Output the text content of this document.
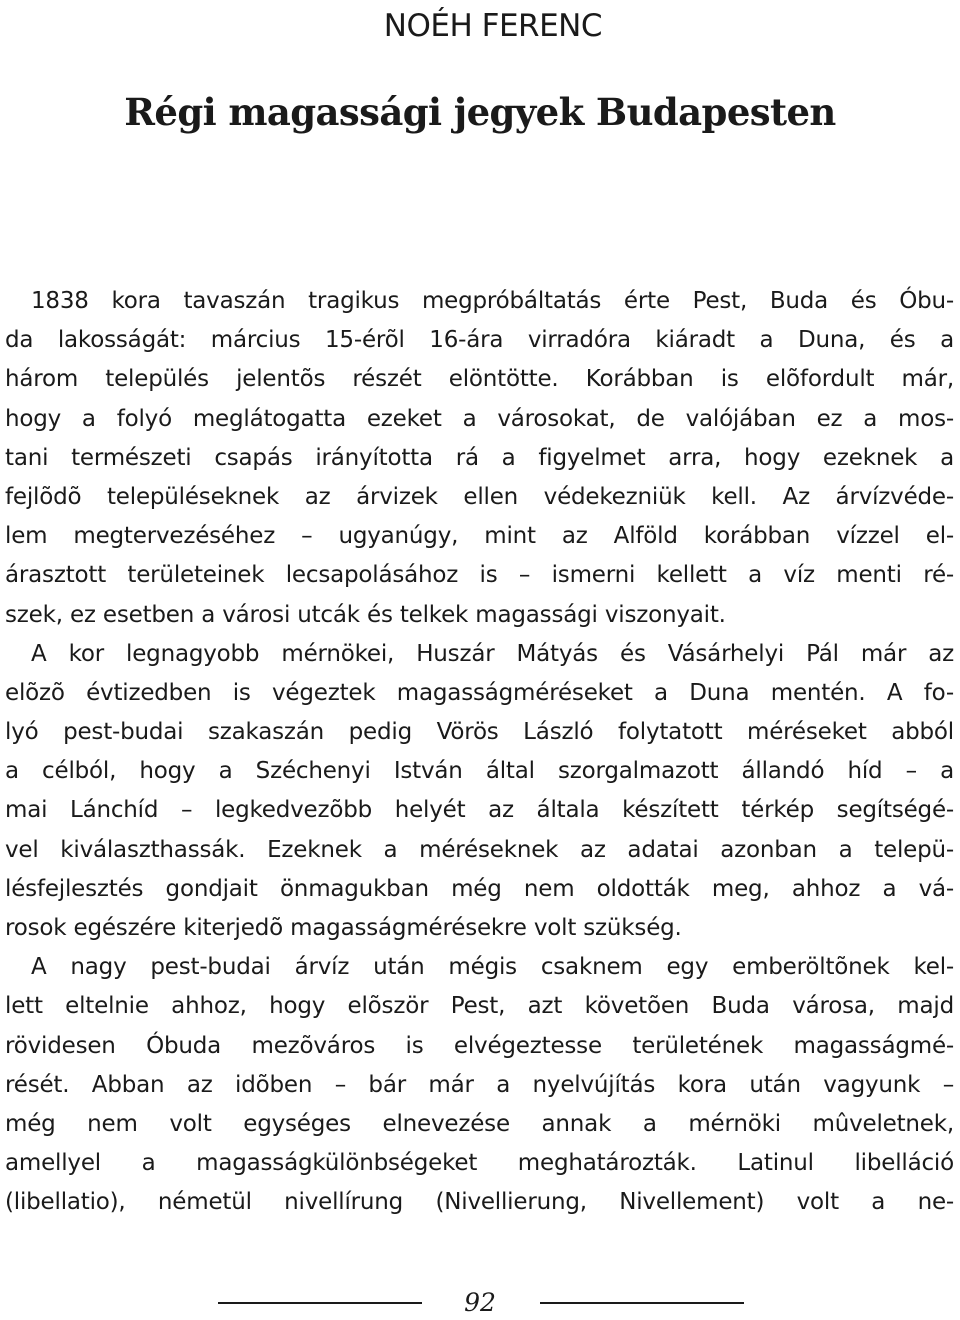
NOÉH FERENC
Régi magassági jegyek Budapesten
1838 kora tavaszán tragikus megpróbáltatás érte Pest, Buda és Óbu-
da lakosságát: március 15-érõl 16-ára virradóra kiáradt a Duna, és a
három település jelentõs részét elöntötte. Korábban is elõfordult már,
hogy a folyó meglátogatta ezeket a városokat, de valójában ez a mos-
tani természeti csapás irányította rá a figyelmet arra, hogy ezeknek a
fejlõdõ településeknek az árvizek ellen védekezniük kell. Az árvízvéde-
lem megtervezéséhez – ugyanúgy, mint az Alföld korábban vízzel el-
árasztott területeinek lecsapolásához is – ismerni kellett a víz menti ré-
szek, ez esetben a városi utcák és telkek magassági viszonyait.
A kor legnagyobb mérnökei, Huszár Mátyás és Vásárhelyi Pál már az
elõzõ évtizedben is végeztek magasságméréseket a Duna mentén. A fo-
lyó pest-budai szakaszán pedig Vörös László folytatott méréseket abból
a célból, hogy a Széchenyi István által szorgalmazott állandó híd – a
mai Lánchíd – legkedvezõbb helyét az általa készített térkép segítségé-
vel kiválaszthassák. Ezeknek a méréseknek az adatai azonban a telepü-
lésfejlesztés gondjait önmagukban még nem oldották meg, ahhoz a vá-
rosok egészére kiterjedõ magasságmérésekre volt szükség.
A nagy pest-budai árvíz után mégis csaknem egy emberöltõnek kel-
lett eltelnie ahhoz, hogy elõször Pest, azt követõen Buda városa, majd
rövidesen Óbuda mezõváros is elvégeztesse területének magasságmé-
rését. Abban az idõben – bár már a nyelvújítás kora után vagyunk –
még nem volt egységes elnevezése annak a mérnöki mûveletnek,
amellyel a magasságkülönbségeket meghatározták. Latinul libelláció
(libellatio), németül nivellírung (Nivellierung, Nivellement) volt a ne-
92
